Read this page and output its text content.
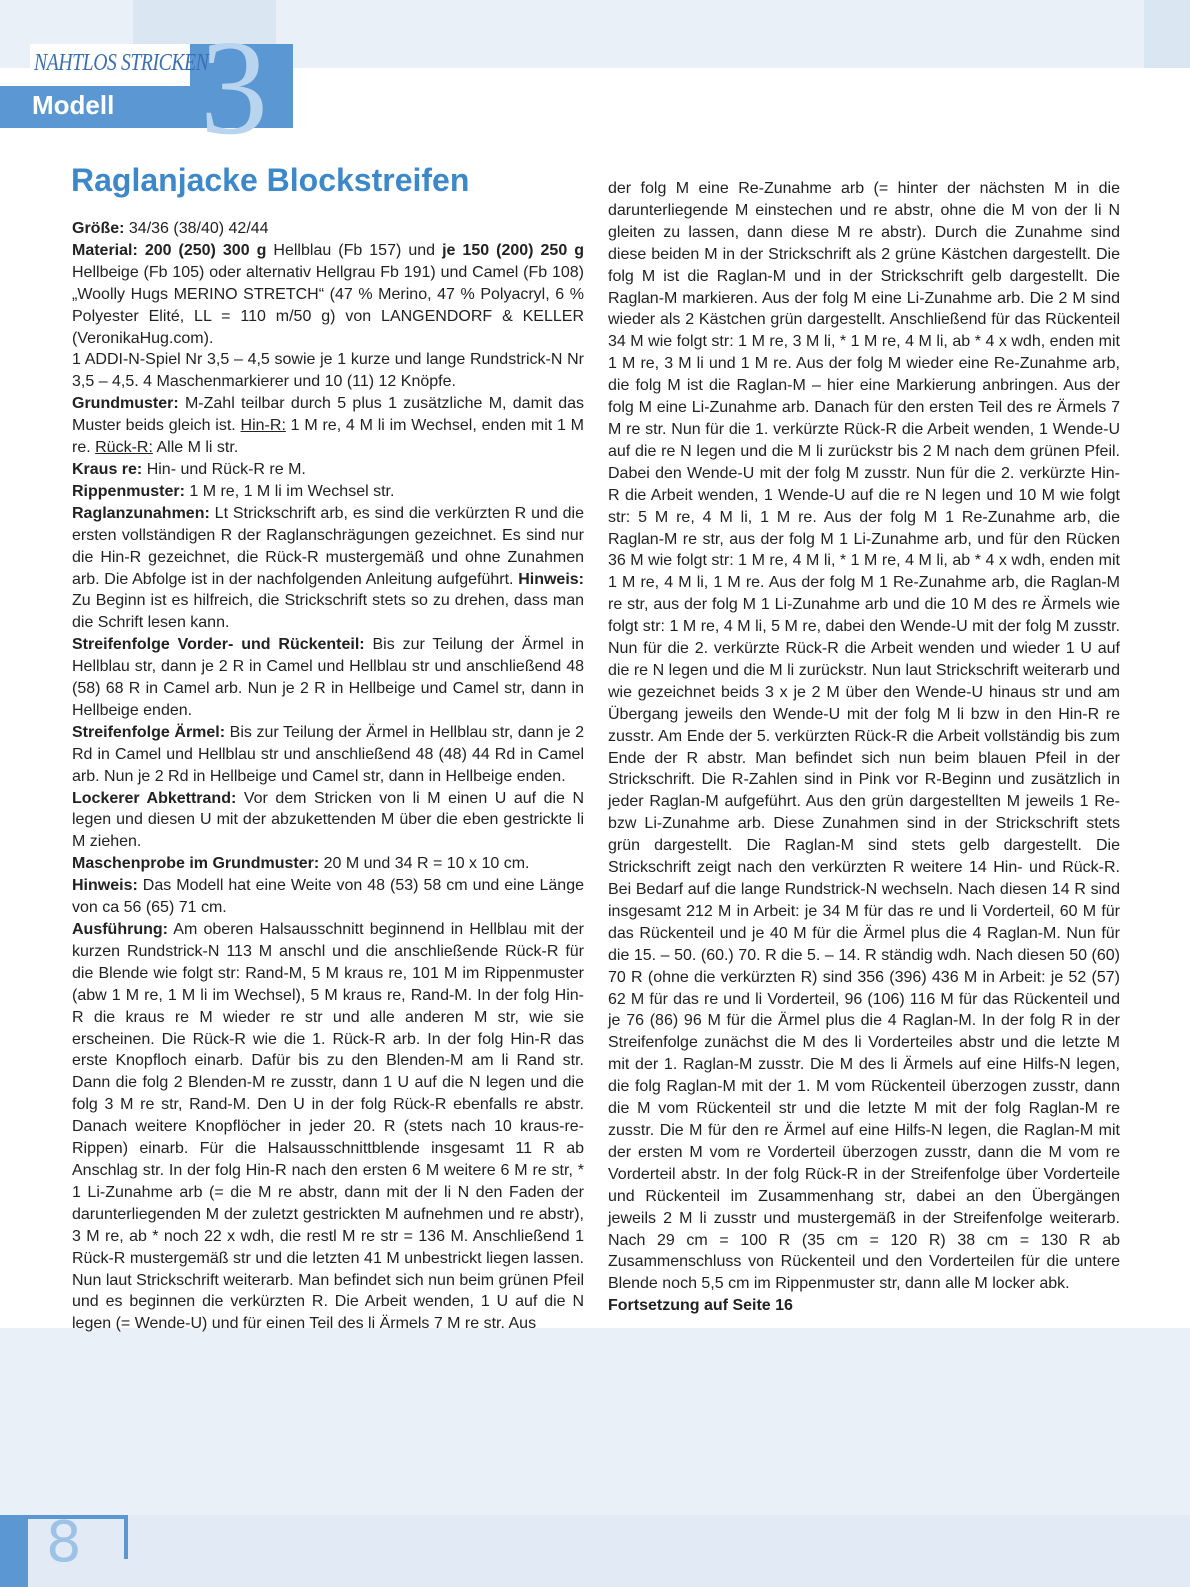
3
NAHTLOS STRICKEN
Modell
Raglanjacke Blockstreifen

Größe: 34/36 (38/40) 42/44

Material: 200 (250) 300 g Hellblau (Fb 157) und je 150 (200) 250 g Hellbeige (Fb 105) oder alternativ Hellgrau Fb 191) und Camel (Fb 108) „Woolly Hugs MERINO STRETCH“ (47 % Merino, 47 % Polyacryl, 6 % Polyester Elité, LL = 110 m/50 g) von LANGENDORF & KELLER (VeronikaHug.com).

1 ADDI-N-Spiel Nr 3,5 – 4,5 sowie je 1 kurze und lange Rundstrick-N Nr 3,5 – 4,5. 4 Maschenmarkierer und 10 (11) 12 Knöpfe.

Grundmuster: M-Zahl teilbar durch 5 plus 1 zusätzliche M, damit das Muster beids gleich ist. Hin-R: 1 M re, 4 M li im Wechsel, enden mit 1 M re. Rück-R: Alle M li str.

Kraus re: Hin- und Rück-R re M.

Rippenmuster: 1 M re, 1 M li im Wechsel str.

Raglanzunahmen: Lt Strickschrift arb, es sind die verkürzten R und die ersten vollständigen R der Raglanschrägungen gezeichnet. Es sind nur die Hin-R gezeichnet, die Rück-R mustergemäß und ohne Zunahmen arb. Die Abfolge ist in der nachfolgenden Anleitung aufgeführt. Hinweis: Zu Beginn ist es hilfreich, die Strickschrift stets so zu drehen, dass man die Schrift lesen kann.

Streifenfolge Vorder- und Rückenteil: Bis zur Teilung der Ärmel in Hellblau str, dann je 2 R in Camel und Hellblau str und anschließend 48 (58) 68 R in Camel arb. Nun je 2 R in Hellbeige und Camel str, dann in Hellbeige enden.

Streifenfolge Ärmel: Bis zur Teilung der Ärmel in Hellblau str, dann je 2 Rd in Camel und Hellblau str und anschließend 48 (48) 44 Rd in Camel arb. Nun je 2 Rd in Hellbeige und Camel str, dann in Hellbeige enden.

Lockerer Abkettrand: Vor dem Stricken von li M einen U auf die N legen und diesen U mit der abzukettenden M über die eben gestrickte li M ziehen.

Maschenprobe im Grundmuster: 20 M und 34 R = 10 x 10 cm.

Hinweis: Das Modell hat eine Weite von 48 (53) 58 cm und eine Länge von ca 56 (65) 71 cm.

Ausführung: Am oberen Halsausschnitt beginnend in Hellblau mit der kurzen Rundstrick-N 113 M anschl und die anschließende Rück-R für die Blende wie folgt str: Rand-M, 5 M kraus re, 101 M im Rippenmuster (abw 1 M re, 1 M li im Wechsel), 5 M kraus re, Rand-M. In der folg Hin-R die kraus re M wieder re str und alle anderen M str, wie sie erscheinen. Die Rück-R wie die 1. Rück-R arb. In der folg Hin-R das erste Knopfloch einarb. Dafür bis zu den Blenden-M am li Rand str. Dann die folg 2 Blenden-M re zusstr, dann 1 U auf die N legen und die folg 3 M re str, Rand-M. Den U in der folg Rück-R ebenfalls re abstr. Danach weitere Knopflöcher in jeder 20. R (stets nach 10 kraus-re-Rippen) einarb. Für die Halsausschnittblende insgesamt 11 R ab Anschlag str. In der folg Hin-R nach den ersten 6 M weitere 6 M re str, * 1 Li-Zunahme arb (= die M re abstr, dann mit der li N den Faden der darunterliegenden M der zuletzt gestrickten M aufnehmen und re abstr), 3 M re, ab * noch 22 x wdh, die restl M re str = 136 M. Anschließend 1 Rück-R mustergemäß str und die letzten 41 M unbestrickt liegen lassen. Nun laut Strickschrift weiterarb. Man befindet sich nun beim grünen Pfeil und es beginnen die verkürzten R. Die Arbeit wenden, 1 U auf die N legen (= Wende-U) und für einen Teil des li Ärmels 7 M re str. Aus

der folg M eine Re-Zunahme arb (= hinter der nächsten M in die darunterliegende M einstechen und re abstr, ohne die M von der li N gleiten zu lassen, dann diese M re abstr). Durch die Zunahme sind diese beiden M in der Strickschrift als 2 grüne Kästchen dargestellt. Die folg M ist die Raglan-M und in der Strickschrift gelb dargestellt. Die Raglan-M markieren. Aus der folg M eine Li-Zunahme arb. Die 2 M sind wieder als 2 Kästchen grün dargestellt. Anschließend für das Rückenteil 34 M wie folgt str: 1 M re, 3 M li, * 1 M re, 4 M li, ab * 4 x wdh, enden mit 1 M re, 3 M li und 1 M re. Aus der folg M wieder eine Re-Zunahme arb, die folg M ist die Raglan-M – hier eine Markierung anbringen. Aus der folg M eine Li-Zunahme arb. Danach für den ersten Teil des re Ärmels 7 M re str. Nun für die 1. verkürzte Rück-R die Arbeit wenden, 1 Wende-U auf die re N legen und die M li zurückstr bis 2 M nach dem grünen Pfeil. Dabei den Wende-U mit der folg M zusstr. Nun für die 2. verkürzte Hin-R die Arbeit wenden, 1 Wende-U auf die re N legen und 10 M wie folgt str: 5 M re, 4 M li, 1 M re. Aus der folg M 1 Re-Zunahme arb, die Raglan-M re str, aus der folg M 1 Li-Zunahme arb, und für den Rücken 36 M wie folgt str: 1 M re, 4 M li, * 1 M re, 4 M li, ab * 4 x wdh, enden mit 1 M re, 4 M li, 1 M re. Aus der folg M 1 Re-Zunahme arb, die Raglan-M re str, aus der folg M 1 Li-Zunahme arb und die 10 M des re Ärmels wie folgt str: 1 M re, 4 M li, 5 M re, dabei den Wende-U mit der folg M zusstr. Nun für die 2. verkürzte Rück-R die Arbeit wenden und wieder 1 U auf die re N legen und die M li zurückstr. Nun laut Strickschrift weiterarb und wie gezeichnet beids 3 x je 2 M über den Wende-U hinaus str und am Übergang jeweils den Wende-U mit der folg M li bzw in den Hin-R re zusstr. Am Ende der 5. verkürzten Rück-R die Arbeit vollständig bis zum Ende der R abstr. Man befindet sich nun beim blauen Pfeil in der Strickschrift. Die R-Zahlen sind in Pink vor R-Beginn und zusätzlich in jeder Raglan-M aufgeführt. Aus den grün dargestellten M jeweils 1 Re- bzw Li-Zunahme arb. Diese Zunahmen sind in der Strickschrift stets grün dargestellt. Die Raglan-M sind stets gelb dargestellt. Die Strickschrift zeigt nach den verkürzten R weitere 14 Hin- und Rück-R. Bei Bedarf auf die lange Rundstrick-N wechseln. Nach diesen 14 R sind insgesamt 212 M in Arbeit: je 34 M für das re und li Vorderteil, 60 M für das Rückenteil und je 40 M für die Ärmel plus die 4 Raglan-M. Nun für die 15. – 50. (60.) 70. R die 5. – 14. R ständig wdh. Nach diesen 50 (60) 70 R (ohne die verkürzten R) sind 356 (396) 436 M in Arbeit: je 52 (57) 62 M für das re und li Vorderteil, 96 (106) 116 M für das Rückenteil und je 76 (86) 96 M für die Ärmel plus die 4 Raglan-M. In der folg R in der Streifenfolge zunächst die M des li Vorderteiles abstr und die letzte M mit der 1. Raglan-M zusstr. Die M des li Ärmels auf eine Hilfs-N legen, die folg Raglan-M mit der 1. M vom Rückenteil überzogen zusstr, dann die M vom Rückenteil str und die letzte M mit der folg Raglan-M re zusstr. Die M für den re Ärmel auf eine Hilfs-N legen, die Raglan-M mit der ersten M vom re Vorderteil überzogen zusstr, dann die M vom re Vorderteil abstr. In der folg Rück-R in der Streifenfolge über Vorderteile und Rückenteil im Zusammenhang str, dabei an den Übergängen jeweils 2 M li zusstr und mustergemäß in der Streifenfolge weiterarb. Nach 29 cm = 100 R (35 cm = 120 R) 38 cm = 130 R ab Zusammenschluss von Rückenteil und den Vorderteilen für die untere Blende noch 5,5 cm im Rippenmuster str, dann alle M locker abk.

Fortsetzung auf Seite 16

8
